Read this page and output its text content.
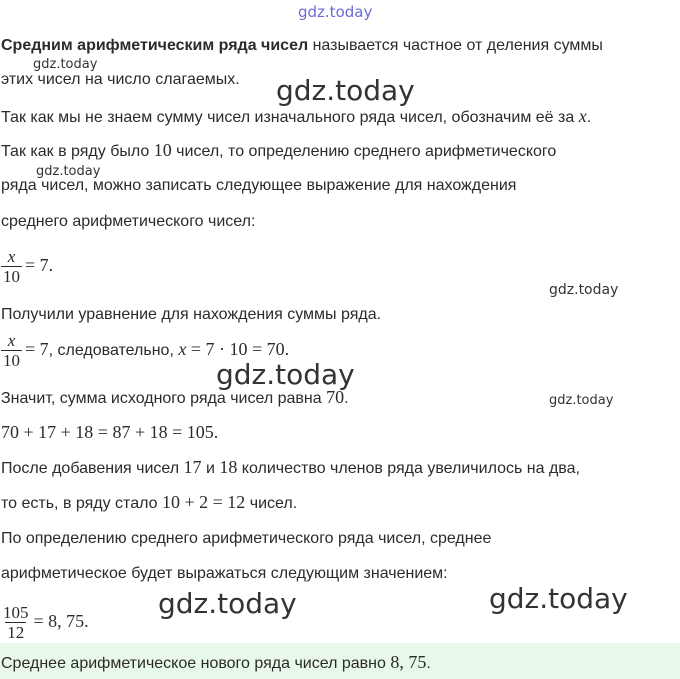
gdz.today
gdz.today
gdz.today
gdz.today
gdz.today
gdz.today
gdz.today
gdz.today	gdz.today
Средним арифметическим ряда чисел называется частное от деления суммы
этих чисел на число слагаемых.
Так как мы не знаем сумму чисел изначального ряда чисел, обозначим её за x.
Так как в ряду было 10 чисел, то определению среднего арифметического
ряда чисел, можно записать следующее выражение для нахождения
среднего арифметического чисел:
$\frac{x}{10} = 7$.
Получили уравнение для нахождения суммы ряда.
$\frac{x}{10} = 7$, следовательно, x = 7 · 10 = 70.
Значит, сумма исходного ряда чисел равна 70.
70 + 17 + 18 = 87 + 18 = 105.
После добавения чисел 17 и 18 количество членов ряда увеличилось на два,
то есть, в ряду стало 10 + 2 = 12 чисел.
По определению среднего арифметического ряда чисел, среднее
арифметическое будет выражаться следующим значением:
$\frac{105}{12} = 8$, 75.
Среднее арифметическое нового ряда чисел равно 8, 75.
